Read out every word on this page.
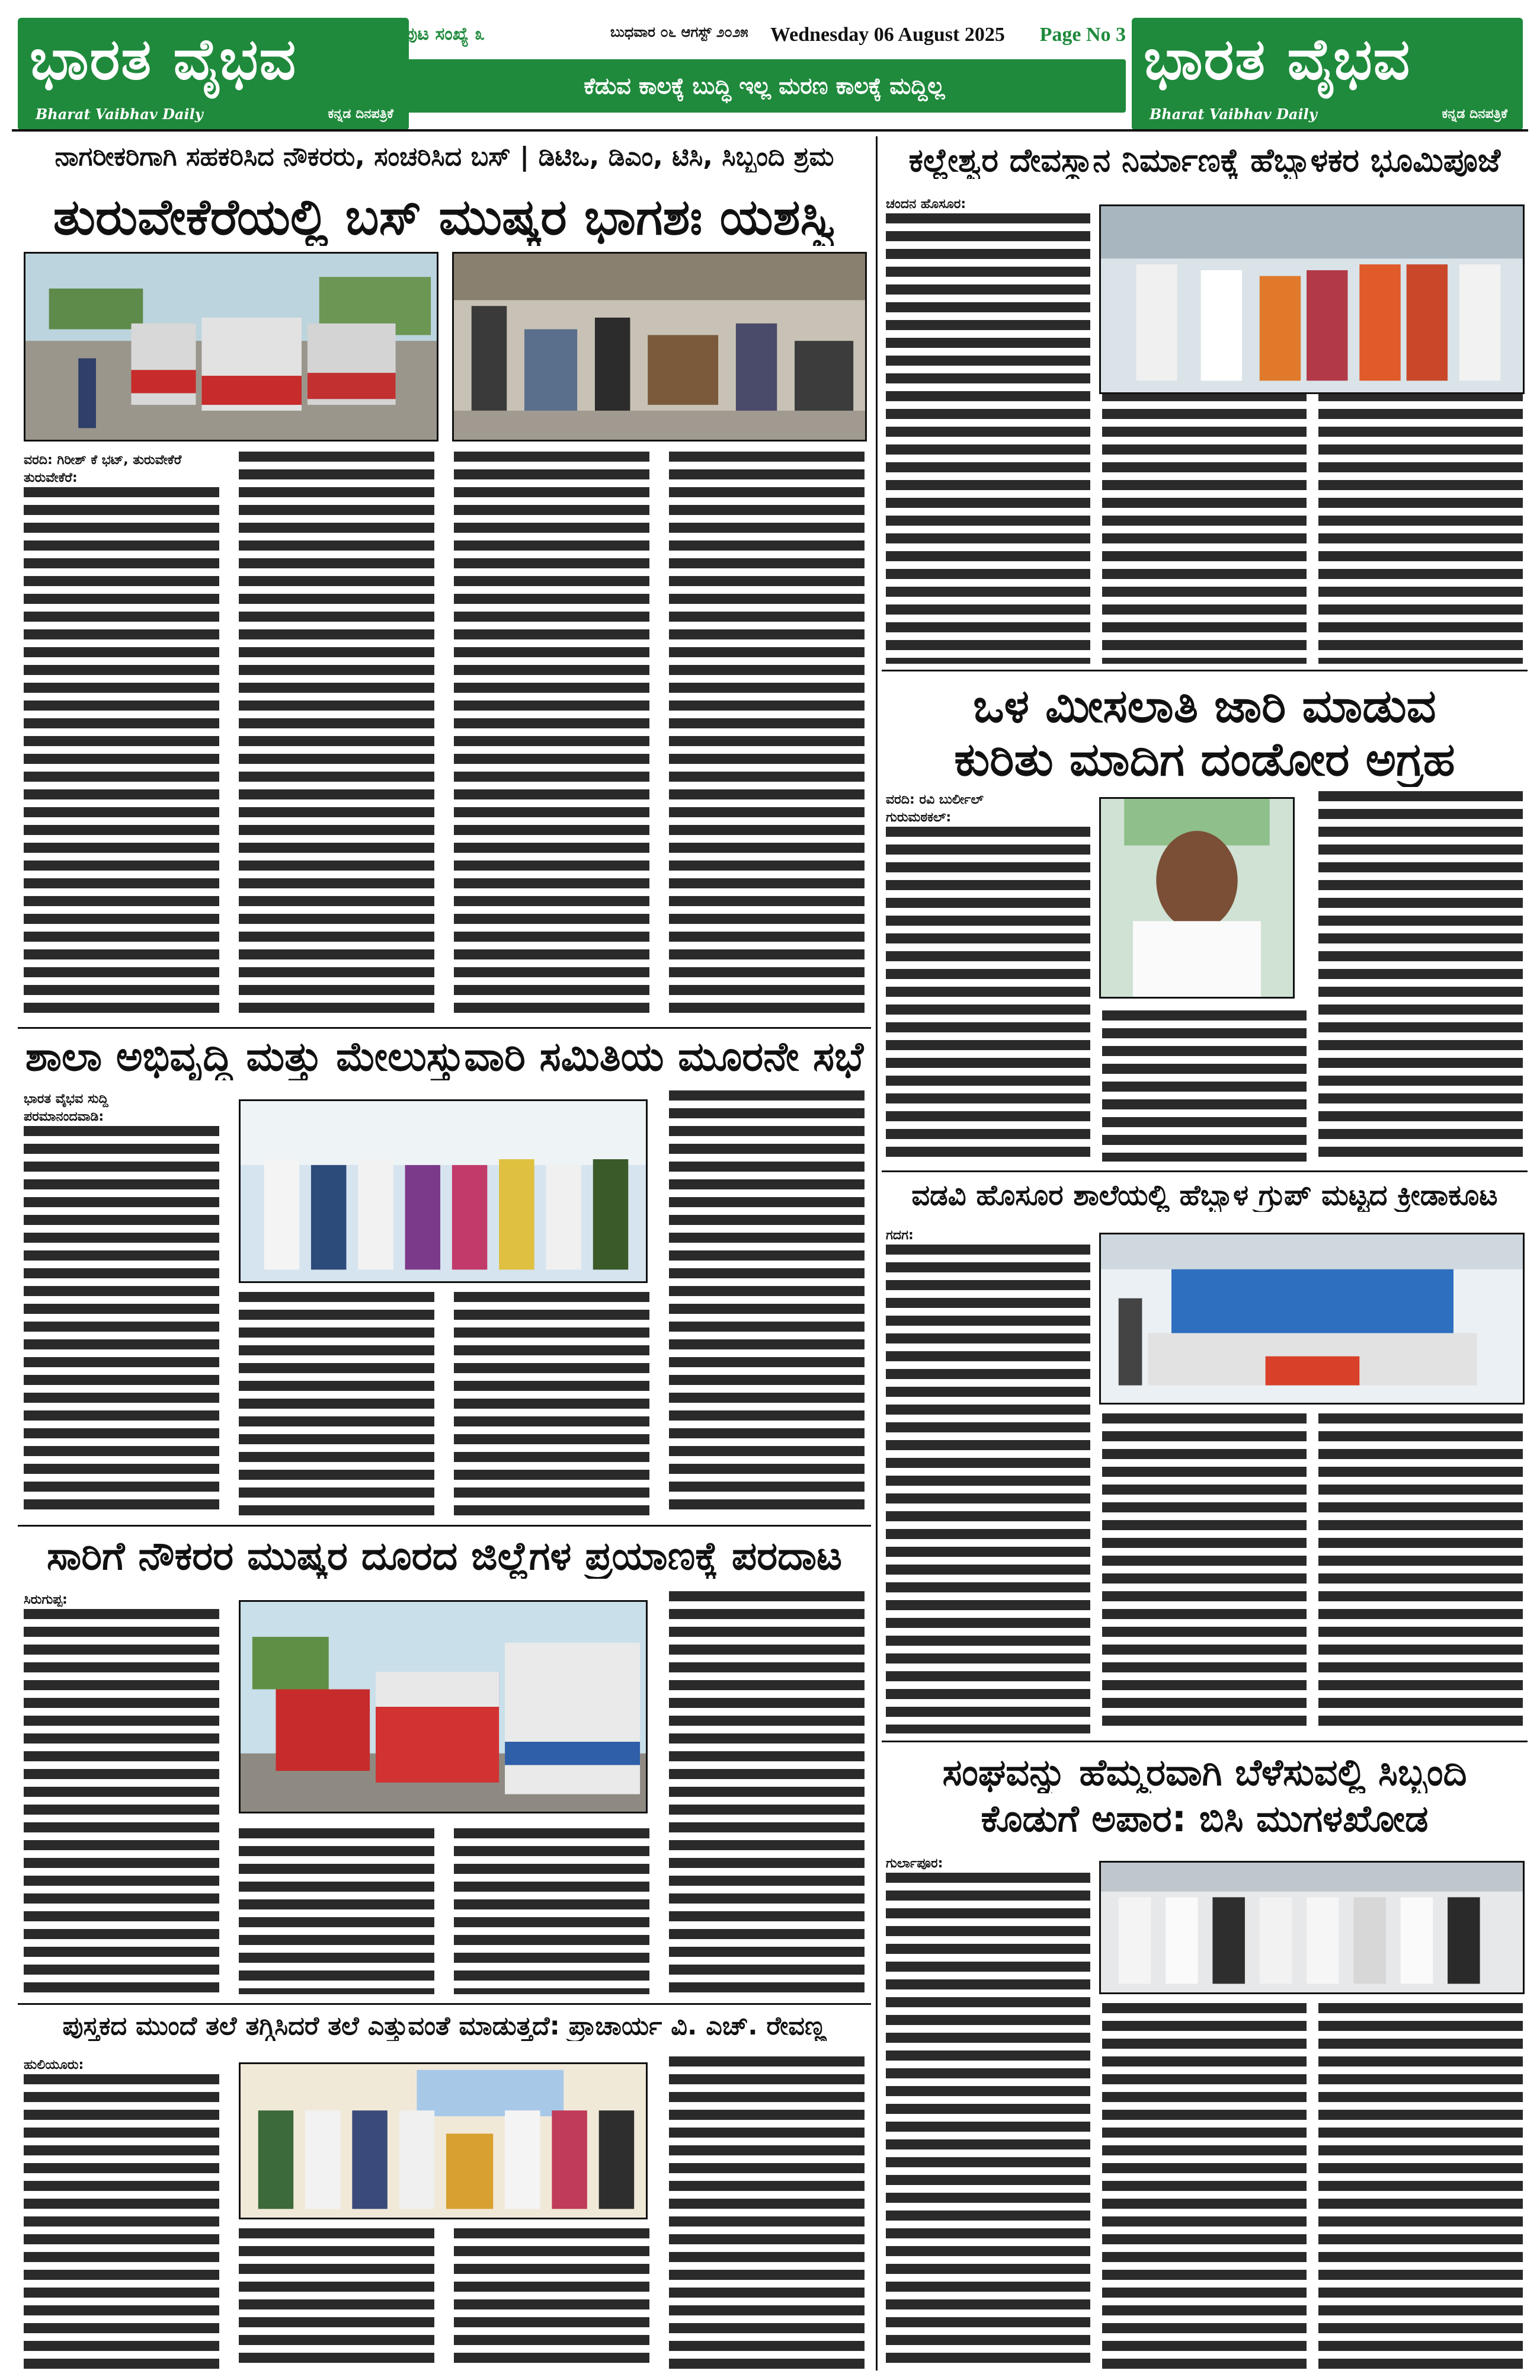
ಭಾರತ ವೈಭವ
Bharat Vaibhav Daily	ಕನ್ನಡ ದಿನಪತ್ರಿಕೆ
ಪುಟ ಸಂಖ್ಯೆ ೩	ಬುಧವಾರ ೦೬ ಆಗಸ್ಟ್ ೨೦೨೫ Wednesday 06 August 2025 Page No 3
ಕೆಡುವ ಕಾಲಕ್ಕೆ ಬುದ್ಧಿ ಇಲ್ಲ ಮರಣ ಕಾಲಕ್ಕೆ ಮದ್ದಿಲ್ಲ	ಭಾರತ ವೈಭವ
Bharat Vaibhav Daily	ಕನ್ನಡ ದಿನಪತ್ರಿಕೆ
ನಾಗರೀಕರಿಗಾಗಿ ಸಹಕರಿಸಿದ ನೌಕರರು, ಸಂಚರಿಸಿದ ಬಸ್ | ಡಿಟಿಒ, ಡಿಎಂ, ಟಿಸಿ, ಸಿಬ್ಬಂದಿ ಶ್ರಮ
ತುರುವೇಕೆರೆಯಲ್ಲಿ ಬಸ್ ಮುಷ್ಕರ ಭಾಗಶಃ ಯಶಸ್ವಿ
ವರದಿ: ಗಿರೀಶ್ ಕೆ ಭಟ್, ತುರುವೇಕೆರೆ
ತುರುವೇಕೆರೆ:
ಕಲ್ಲೇಶ್ವರ ದೇವಸ್ಥಾನ ನಿರ್ಮಾಣಕ್ಕೆ ಹೆಬ್ಬಾಳಕರ ಭೂಮಿಪೂಜೆ
ಚಂದನ ಹೊಸೂರ:
ಒಳ ಮೀಸಲಾತಿ ಜಾರಿ ಮಾಡುವ
ಕುರಿತು ಮಾದಿಗ ದಂಡೋರ ಅಗ್ರಹ
ವರದಿ: ರವಿ ಬುರ್ಲೀಲ್
ಗುರುಮಠಕಲ್:
ಶಾಲಾ ಅಭಿವೃದ್ಧಿ ಮತ್ತು ಮೇಲುಸ್ತುವಾರಿ ಸಮಿತಿಯ ಮೂರನೇ ಸಭೆ
ಭಾರತ ವೈಭವ ಸುದ್ದಿ
ಪರಮಾನಂದವಾಡಿ:
ವಡವಿ ಹೊಸೂರ ಶಾಲೆಯಲ್ಲಿ ಹೆಬ್ಬಾಳ ಗ್ರುಪ್ ಮಟ್ಟದ ಕ್ರೀಡಾಕೂಟ
ಗದಗ:
ಸಾರಿಗೆ ನೌಕರರ ಮುಷ್ಕರ ದೂರದ ಜಿಲ್ಲೆಗಳ ಪ್ರಯಾಣಕ್ಕೆ ಪರದಾಟ
ಸಿರುಗುಪ್ಪ:
ಸಂಘವನ್ನು ಹೆಮ್ಮರವಾಗಿ ಬೆಳೆಸುವಲ್ಲಿ ಸಿಬ್ಬಂದಿ
ಕೊಡುಗೆ ಅಪಾರ: ಬಿಸಿ ಮುಗಳಖೋಡ
ಗುರ್ಲಾಪೂರ:
ಪುಸ್ತಕದ ಮುಂದೆ ತಲೆ ತಗ್ಗಿಸಿದರೆ ತಲೆ ಎತ್ತುವಂತೆ ಮಾಡುತ್ತದೆ: ಪ್ರಾಚಾರ್ಯ ವಿ. ಎಚ್. ರೇವಣ್ಣ
ಹುಲಿಯೂರು:
